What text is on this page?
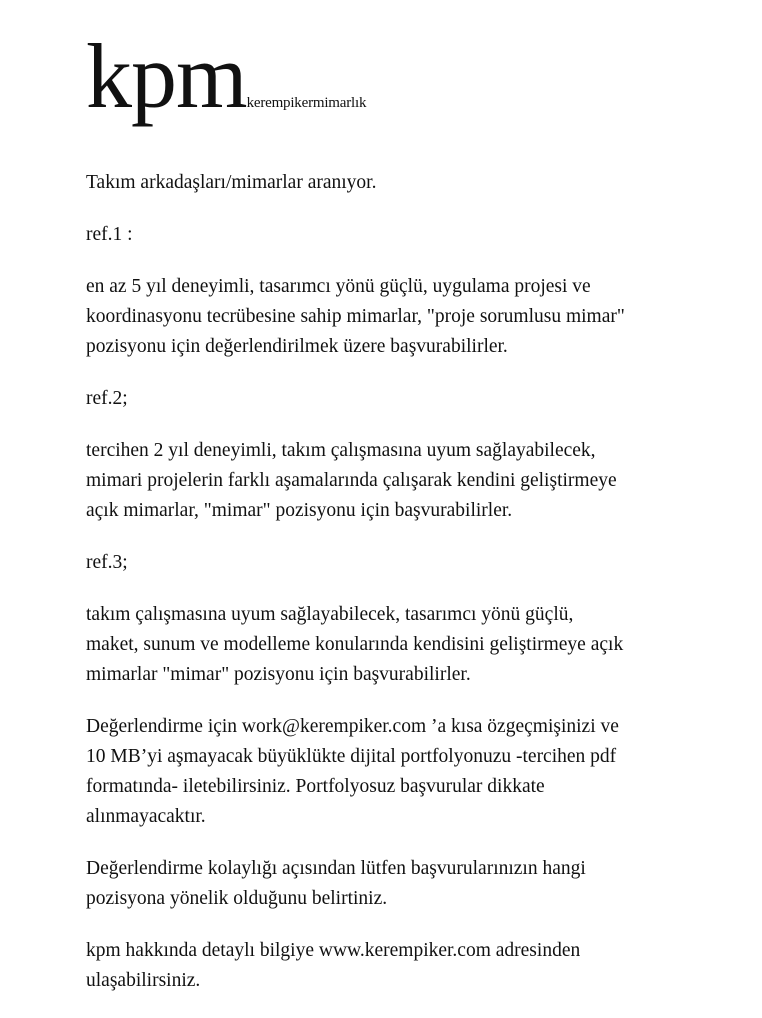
kpmkerempikermimarlık

Takım arkadaşları/mimarlar aranıyor.

ref.1 :

en az 5 yıl deneyimli, tasarımcı yönü güçlü, uygulama projesi ve
koordinasyonu tecrübesine sahip mimarlar, "proje sorumlusu mimar"
pozisyonu için değerlendirilmek üzere başvurabilirler.

ref.2;

tercihen 2 yıl deneyimli, takım çalışmasına uyum sağlayabilecek,
mimari projelerin farklı aşamalarında çalışarak kendini geliştirmeye
açık mimarlar, "mimar" pozisyonu için başvurabilirler.

ref.3;

takım çalışmasına uyum sağlayabilecek, tasarımcı yönü güçlü,
maket, sunum ve modelleme konularında kendisini geliştirmeye açık
mimarlar "mimar" pozisyonu için başvurabilirler.

Değerlendirme için work@kerempiker.com ’a kısa özgeçmişinizi ve
10 MB’yi aşmayacak büyüklükte dijital portfolyonuzu -tercihen pdf
formatında- iletebilirsiniz. Portfolyosuz başvurular dikkate
alınmayacaktır.

Değerlendirme kolaylığı açısından lütfen başvurularınızın hangi
pozisyona yönelik olduğunu belirtiniz.

kpm hakkında detaylı bilgiye www.kerempiker.com adresinden
ulaşabilirsiniz.
